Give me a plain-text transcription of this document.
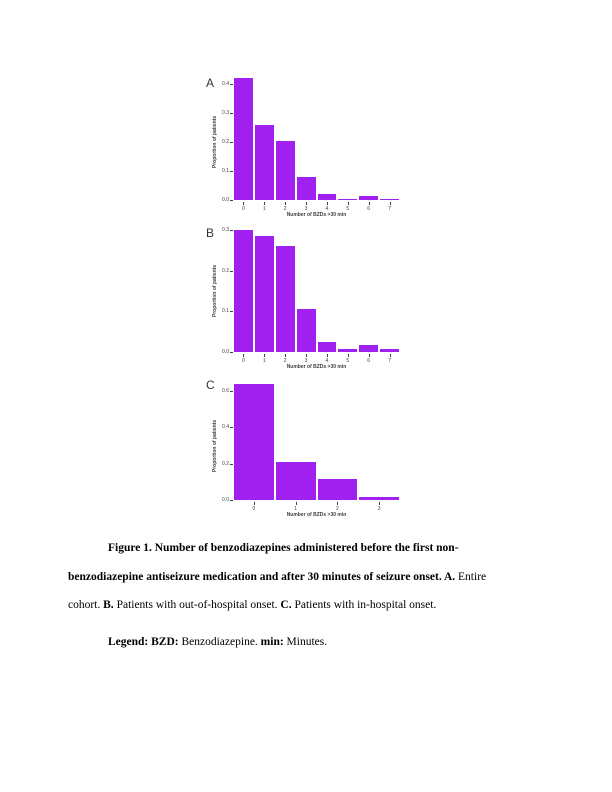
A
Proportion of patients
0.0
0.1
0.2
0.3
0.4
0	1	2	3	4	5	6	7
Number of BZDs >30 min
B
Proportion of patients
0.0
0.1
0.2
0.3
0	1	2	3	4	5	6	7
Number of BZDs >30 min
C
Proportion of patients
0.0
0.2
0.4
0.6
0	1	2	3
Number of BZDs >30 min
Figure 1. Number of benzodiazepines administered before the first non-
benzodiazepine antiseizure medication and after 30 minutes of seizure onset. A. Entire
cohort. B. Patients with out-of-hospital onset. C. Patients with in-hospital onset.
Legend: BZD: Benzodiazepine. min: Minutes.
